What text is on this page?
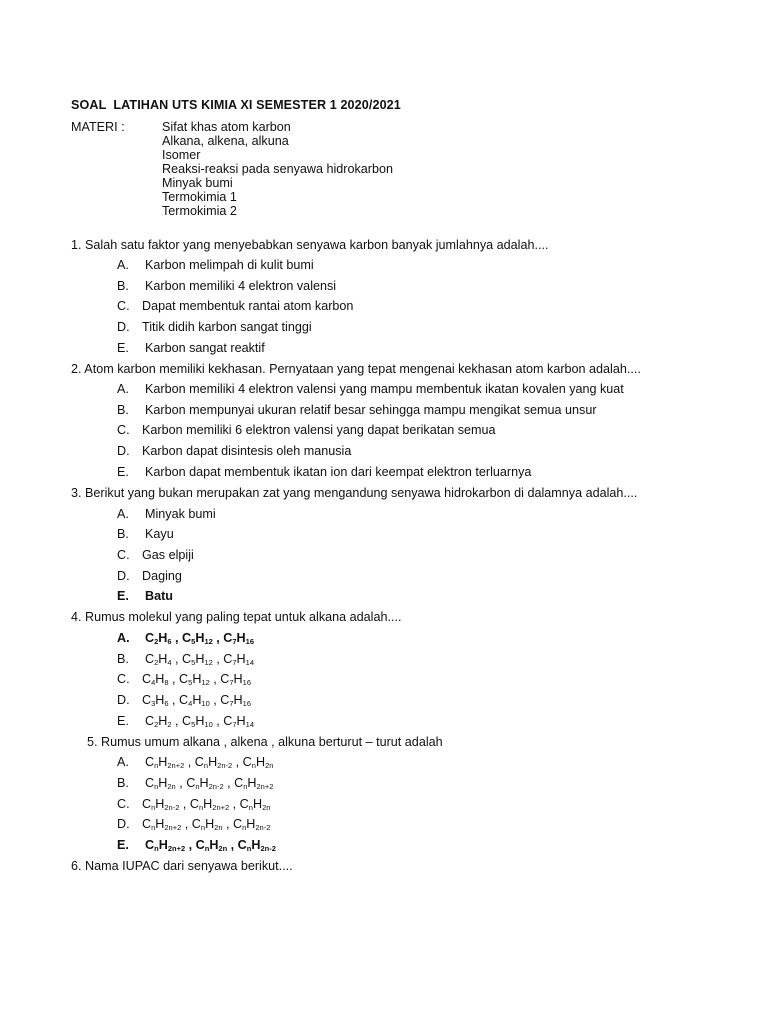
SOAL  LATIHAN UTS KIMIA XI SEMESTER 1 2020/2021
MATERI :	Sifat khas atom karbon
Alkana, alkena, alkuna
Isomer
Reaksi-reaksi pada senyawa hidrokarbon
Minyak bumi
Termokimia 1
Termokimia 2
1. Salah satu faktor yang menyebabkan senyawa karbon banyak jumlahnya adalah....
A. Karbon melimpah di kulit bumi
B. Karbon memiliki 4 elektron valensi
C. Dapat membentuk rantai atom karbon
D. Titik didih karbon sangat tinggi
E. Karbon sangat reaktif
2. Atom karbon memiliki kekhasan. Pernyataan yang tepat mengenai kekhasan atom karbon adalah....
A. Karbon memiliki 4 elektron valensi yang mampu membentuk ikatan kovalen yang kuat
B. Karbon mempunyai ukuran relatif besar sehingga mampu mengikat semua unsur
C. Karbon memiliki 6 elektron valensi yang dapat berikatan semua
D. Karbon dapat disintesis oleh manusia
E. Karbon dapat membentuk ikatan ion dari keempat elektron terluarnya
3. Berikut yang bukan merupakan zat yang mengandung senyawa hidrokarbon di dalamnya adalah....
A. Minyak bumi
B. Kayu
C. Gas elpiji
D. Daging
E. Batu
4. Rumus molekul yang paling tepat untuk alkana adalah....
A. $C_2H_6$ , $C_5H_{12}$ , $C_7H_{16}$
B. $C_2H_4$ , $C_5H_{12}$ , $C_7H_{14}$
C. $C_4H_8$ , $C_5H_{12}$ , $C_7H_{16}$
D. $C_3H_6$ , $C_4H_{10}$ , $C_7H_{16}$
E. $C_2H_2$ , $C_5H_{10}$ , $C_7H_{14}$
5. Rumus umum alkana , alkena , alkuna berturut – turut adalah
A. $C_nH_{2n+2}$ , $C_nH_{2n-2}$ , $C_nH_{2n}$
B. $C_nH_{2n}$ , $C_nH_{2n-2}$ , $C_nH_{2n+2}$
C. $C_nH_{2n-2}$ , $C_nH_{2n+2}$ , $C_nH_{2n}$
D. $C_nH_{2n+2}$ , $C_nH_{2n}$ , $C_nH_{2n-2}$
E. $C_nH_{2n+2}$ , $C_nH_{2n}$ , $C_nH_{2n-2}$
6. Nama IUPAC dari senyawa berikut....
